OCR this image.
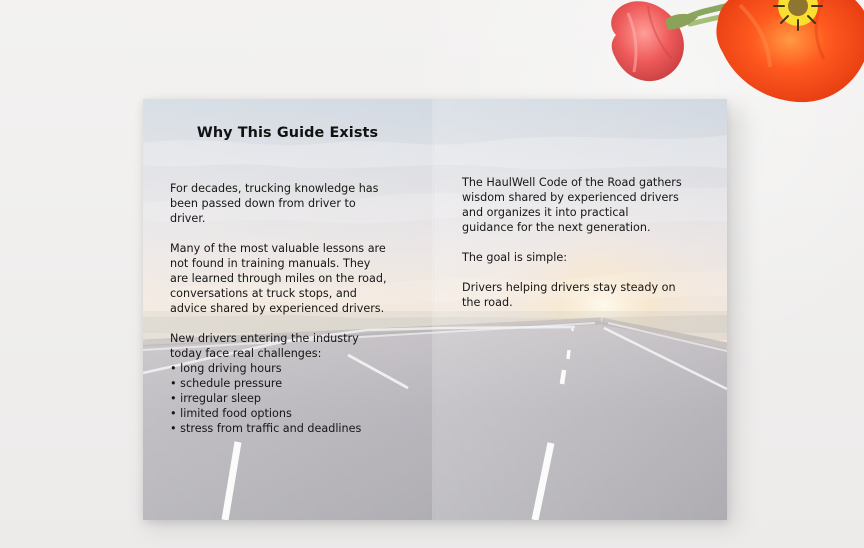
Why This Guide Exists

For decades, trucking knowledge has
been passed down from driver to
driver.

Many of the most valuable lessons are
not found in training manuals. They
are learned through miles on the road,
conversations at truck stops, and
advice shared by experienced drivers.

New drivers entering the industry
today face real challenges:

• long driving hours
• schedule pressure
• irregular sleep
• limited food options
• stress from traffic and deadlines

The HaulWell Code of the Road gathers
wisdom shared by experienced drivers
and organizes it into practical
guidance for the next generation.

The goal is simple:

Drivers helping drivers stay steady on
the road.
